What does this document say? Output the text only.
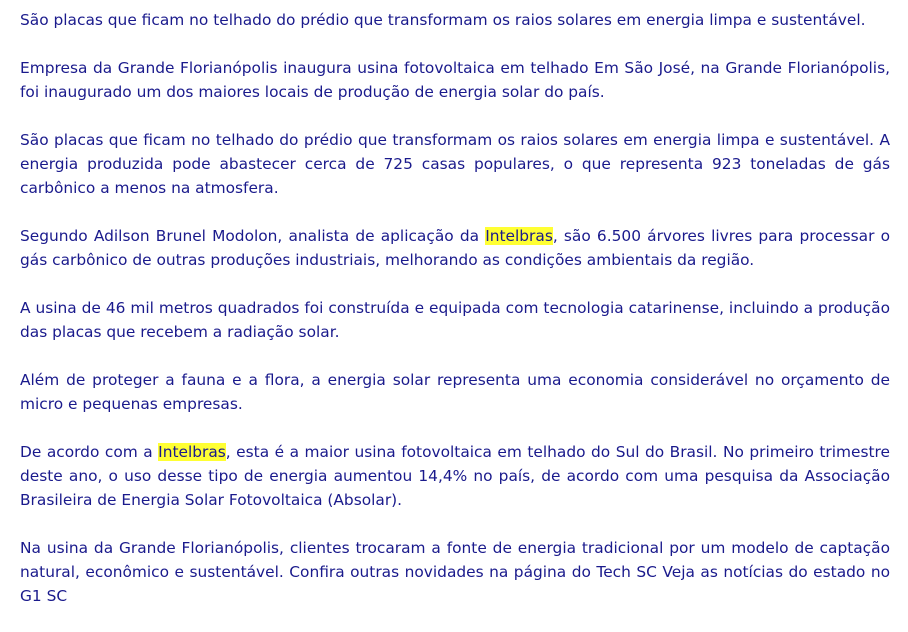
São placas que ficam no telhado do prédio que transformam os raios solares em energia limpa e sustentável.

Empresa da Grande Florianópolis inaugura usina fotovoltaica em telhado Em São José, na Grande Florianópolis, foi inaugurado um dos maiores locais de produção de energia solar do país.

São placas que ficam no telhado do prédio que transformam os raios solares em energia limpa e sustentável. A energia produzida pode abastecer cerca de 725 casas populares, o que representa 923 toneladas de gás carbônico a menos na atmosfera.

Segundo Adilson Brunel Modolon, analista de aplicação da Intelbras, são 6.500 árvores livres para processar o gás carbônico de outras produções industriais, melhorando as condições ambientais da região.

A usina de 46 mil metros quadrados foi construída e equipada com tecnologia catarinense, incluindo a produção das placas que recebem a radiação solar.

Além de proteger a fauna e a flora, a energia solar representa uma economia considerável no orçamento de micro e pequenas empresas.

De acordo com a Intelbras, esta é a maior usina fotovoltaica em telhado do Sul do Brasil. No primeiro trimestre deste ano, o uso desse tipo de energia aumentou 14,4% no país, de acordo com uma pesquisa da Associação Brasileira de Energia Solar Fotovoltaica (Absolar).

Na usina da Grande Florianópolis, clientes trocaram a fonte de energia tradicional por um modelo de captação natural, econômico e sustentável. Confira outras novidades na página do Tech SC Veja as notícias do estado no G1 SC
